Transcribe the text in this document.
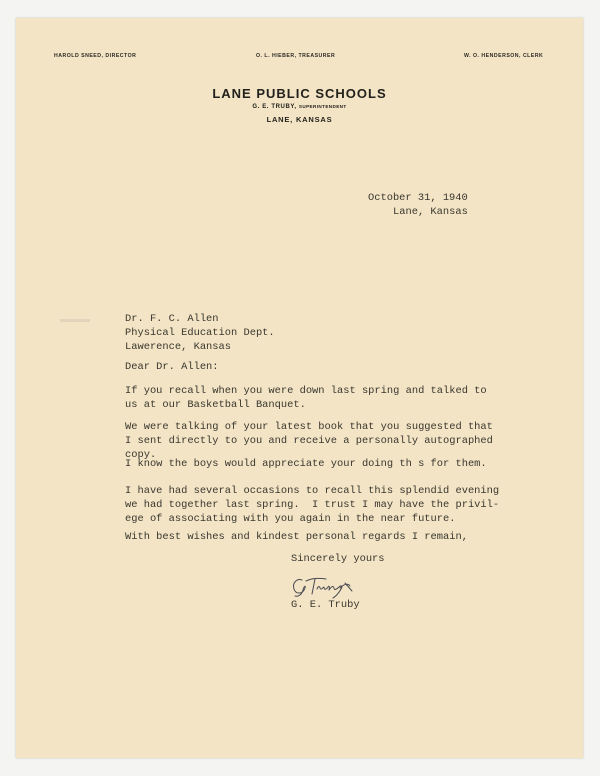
HAROLD SNEED, DIRECTOR	O. L. HIEBER, TREASURER	W. O. HENDERSON, CLERK
LANE PUBLIC SCHOOLS
G. E. TRUBY, SUPERINTENDENT
LANE, KANSAS
October 31, 1940
Lane, Kansas
Dr. F. C. Allen
Physical Education Dept.
Lawerence, Kansas
Dear Dr. Allen:
If you recall when you were down last spring and talked to
us at our Basketball Banquet.
We were talking of your latest book that you suggested that
I sent directly to you and receive a personally autographed
copy.
I know the boys would appreciate your doing th s for them.
I have had several occasions to recall this splendid evening
we had together last spring.  I trust I may have the privil-
ege of associating with you again in the near future.
With best wishes and kindest personal regards I remain,
Sincerely yours
G. E. Truby
